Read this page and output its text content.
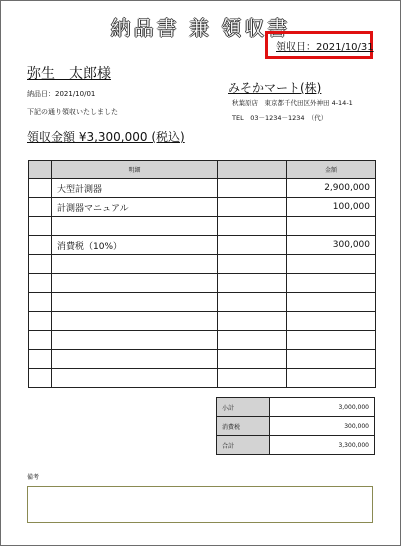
納品書 兼 領収書
領収日：2021/10/31
弥生　太郎様
納品日：2021/10/01
下記の通り領収いたしました
領収金額 ¥3,300,000 (税込)
みそかマート(株)
秋葉原店　東京都千代田区外神田 4-14-1
TEL　03－1234－1234　（代）
	明細		金額
	大型計測器		2,900,000
	計測器マニュアル		100,000

	消費税（10%）		300,000

小計	3,000,000
消費税	300,000
合計	3,300,000
備考
